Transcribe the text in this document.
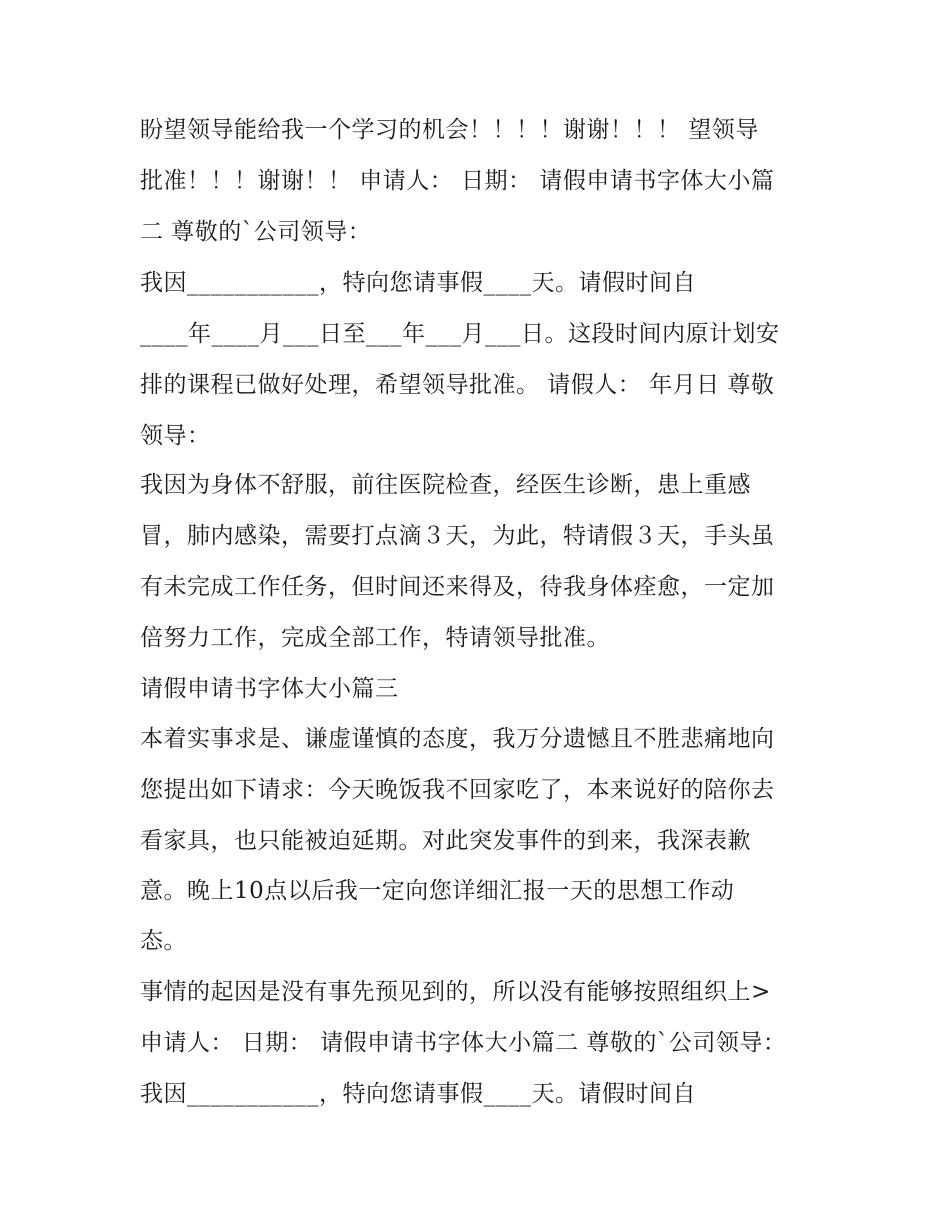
盼望领导能给我一个学习的机会！！！！谢谢！！！ 望领导

批准！！！谢谢！！ 申请人： 日期： 请假申请书字体大小篇

二 尊敬的`公司领导：

我因___________，特向您请事假____天。请假时间自

____年____月___日至___年___月___日。这段时间内原计划安

排的课程已做好处理，希望领导批准。 请假人： 年月日 尊敬

领导：

我因为身体不舒服，前往医院检查，经医生诊断，患上重感

冒，肺内感染，需要打点滴３天，为此，特请假３天，手头虽

有未完成工作任务，但时间还来得及，待我身体痊愈，一定加

倍努力工作，完成全部工作，特请领导批准。

请假申请书字体大小篇三

本着实事求是、谦虚谨慎的态度，我万分遗憾且不胜悲痛地向

您提出如下请求：今天晚饭我不回家吃了，本来说好的陪你去

看家具，也只能被迫延期。对此突发事件的到来，我深表歉

意。晚上10点以后我一定向您详细汇报一天的思想工作动

态。

事情的起因是没有事先预见到的，所以没有能够按照组织上>

申请人： 日期： 请假申请书字体大小篇二 尊敬的`公司领导：

我因___________，特向您请事假____天。请假时间自
